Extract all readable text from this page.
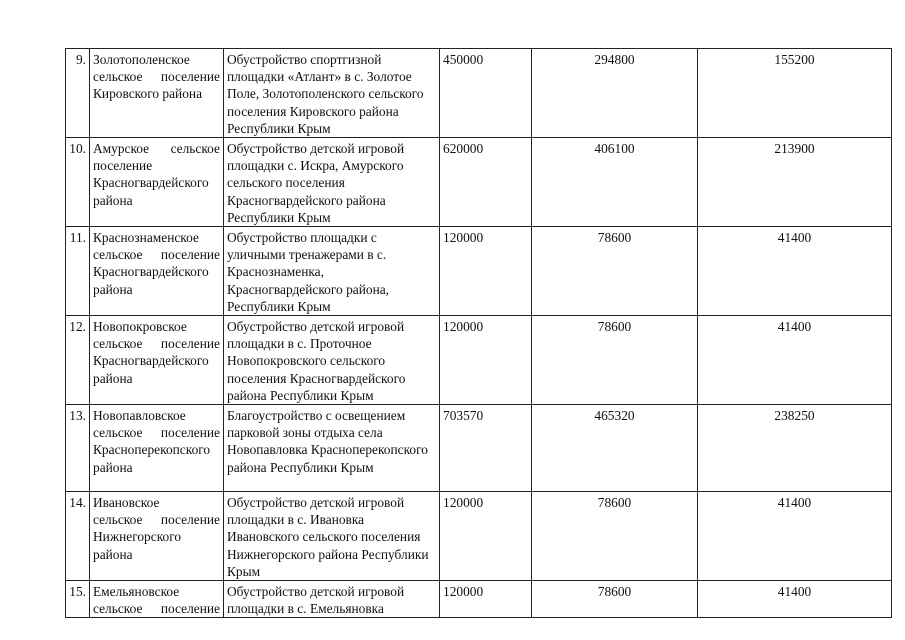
9.	Золотополенское
сельское поселение
Кировского района	Обустройство спортгизной площадки «Атлант» в с. Золотое Поле, Золотополенского сельского поселения Кировского района Республики Крым	450000	294800	155200
10.	Амурское сельское
поселение
Красногвардейского
района	Обустройство детской игровой площадки с. Искра, Амурского сельского поселения Красногвардейского района Республики Крым	620000	406100	213900
11.	Краснознаменское
сельское поселение
Красногвардейского
района	Обустройство площадки с уличными тренажерами в с. Краснознаменка, Красногвардейского района, Республики Крым	120000	78600	41400
12.	Новопокровское
сельское поселение
Красногвардейского
района	Обустройство детской игровой площадки в с. Проточное Новопокровского сельского поселения Красногвардейского района Республики Крым	120000	78600	41400
13.	Новопавловское
сельское поселение
Красноперекопского
района	Благоустройство с освещением парковой зоны отдыха села Новопавловка Красноперекопского района Республики Крым	703570	465320	238250
14.	Ивановское
сельское поселение
Нижнегорского
района	Обустройство детской игровой площадки в с. Ивановка Ивановского сельского поселения Нижнегорского района Республики Крым	120000	78600	41400
15.	Емельяновское
сельское поселение	Обустройство детской игровой площадки в с. Емельяновка	120000	78600	41400
